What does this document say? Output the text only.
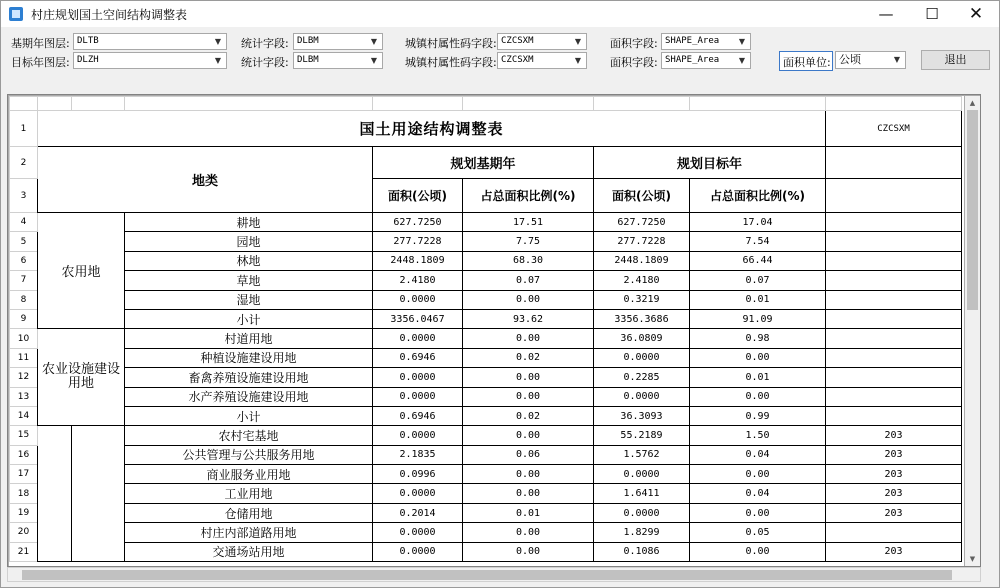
村庄规划国土空间结构调整表	—	☐	✕
基期年图层: DLTB	▼ 统计字段: DLBM	▼	城镇村属性码字段: CZCSXM	▼	面积字段: SHAPE_Area ▼
目标年图层: DLZH	▼ 统计字段: DLBM	▼	城镇村属性码字段: CZCSXM	▼	面积字段: SHAPE_Area ▼	面积单位: 公顷	▼	退出

1	国土用途结构调整表							CZCSXM
2	地类			规划基期年		规划目标年		
3				面积(公顷)	占总面积比例(%)	面积(公顷)	占总面积比例(%)	
4	农用地		耕地	627.7250	17.51	627.7250	17.04	
5			园地	277.7228	7.75	277.7228	7.54	
6			林地	2448.1809	68.30	2448.1809	66.44	
7			草地	2.4180	0.07	2.4180	0.07	
8			湿地	0.0000	0.00	0.3219	0.01	
9			小计	3356.0467	93.62	3356.3686	91.09	
10	农业设施建设用地		村道用地	0.0000	0.00	36.0809	0.98	
11			种植设施建设用地	0.6946	0.02	0.0000	0.00	
12			畜禽养殖设施建设用地	0.0000	0.00	0.2285	0.01	
13			水产养殖设施建设用地	0.0000	0.00	0.0000	0.00	
14			小计	0.6946	0.02	36.3093	0.99	
15			农村宅基地	0.0000	0.00	55.2189	1.50	203
16			公共管理与公共服务用地	2.1835	0.06	1.5762	0.04	203
17			商业服务业用地	0.0996	0.00	0.0000	0.00	203
18			工业用地	0.0000	0.00	1.6411	0.04	203
19			仓储用地	0.2014	0.01	0.0000	0.00	203
20			村庄内部道路用地	0.0000	0.00	1.8299	0.05	
21			交通场站用地	0.0000	0.00	0.1086	0.00	203
▲
▼
